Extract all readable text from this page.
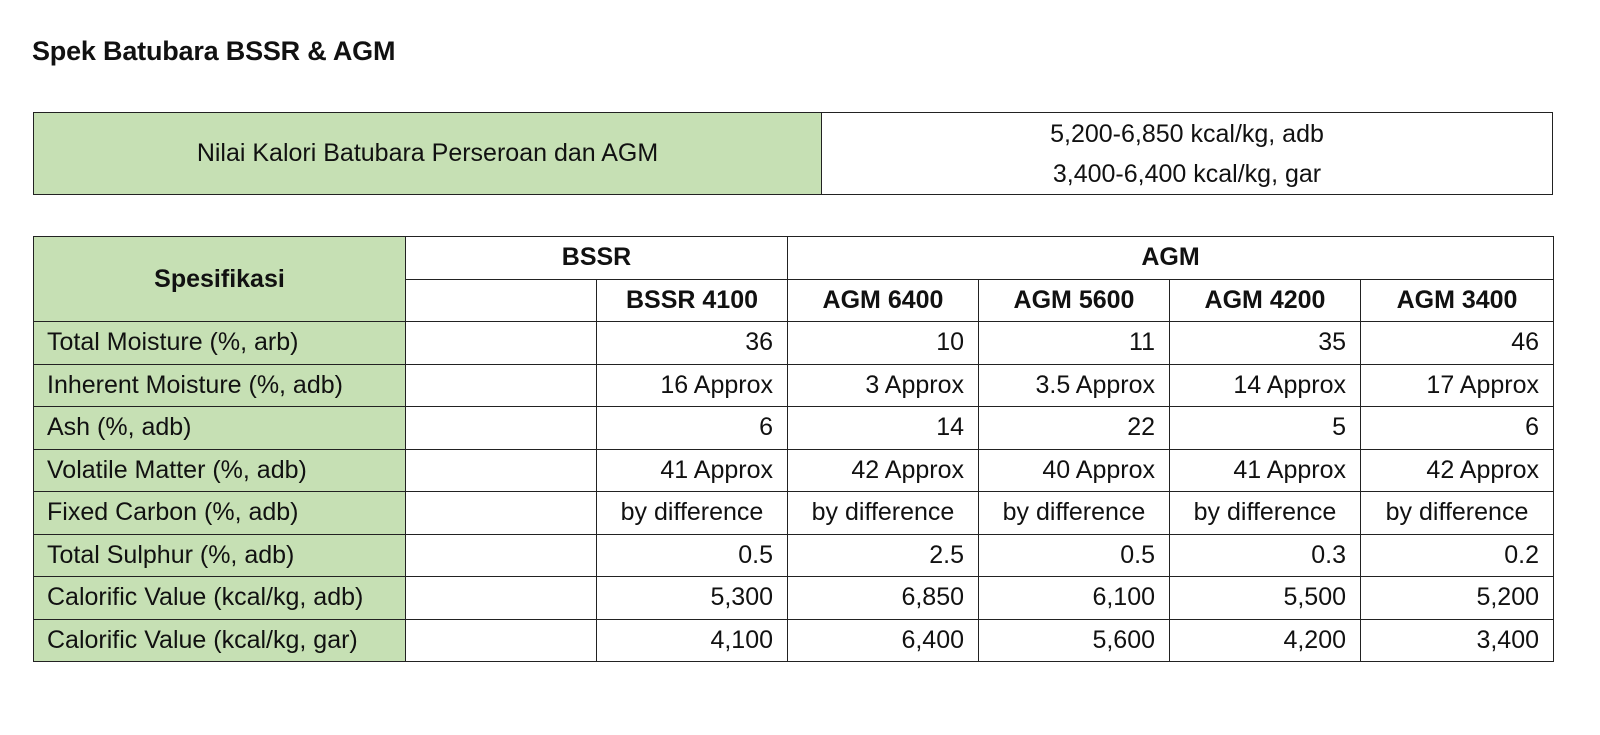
Spek Batubara BSSR & AGM
Nilai Kalori Batubara Perseroan dan AGM	
5,200-6,850 kcal/kg, adb
3,400-6,400 kcal/kg, gar
Spesifikasi	BSSR		AGM			
		BSSR 4100	AGM 6400	AGM 5600	AGM 4200	AGM 3400
Total Moisture (%, arb)		36	10	11	35	46
Inherent Moisture (%, adb)		16 Approx	3 Approx	3.5 Approx	14 Approx	17 Approx
Ash (%, adb)		6	14	22	5	6
Volatile Matter (%, adb)		41 Approx	42 Approx	40 Approx	41 Approx	42 Approx
Fixed Carbon (%, adb)		by difference	by difference	by difference	by difference	by difference
Total Sulphur (%, adb)		0.5	2.5	0.5	0.3	0.2
Calorific Value (kcal/kg, adb)		5,300	6,850	6,100	5,500	5,200
Calorific Value (kcal/kg, gar)		4,100	6,400	5,600	4,200	3,400
